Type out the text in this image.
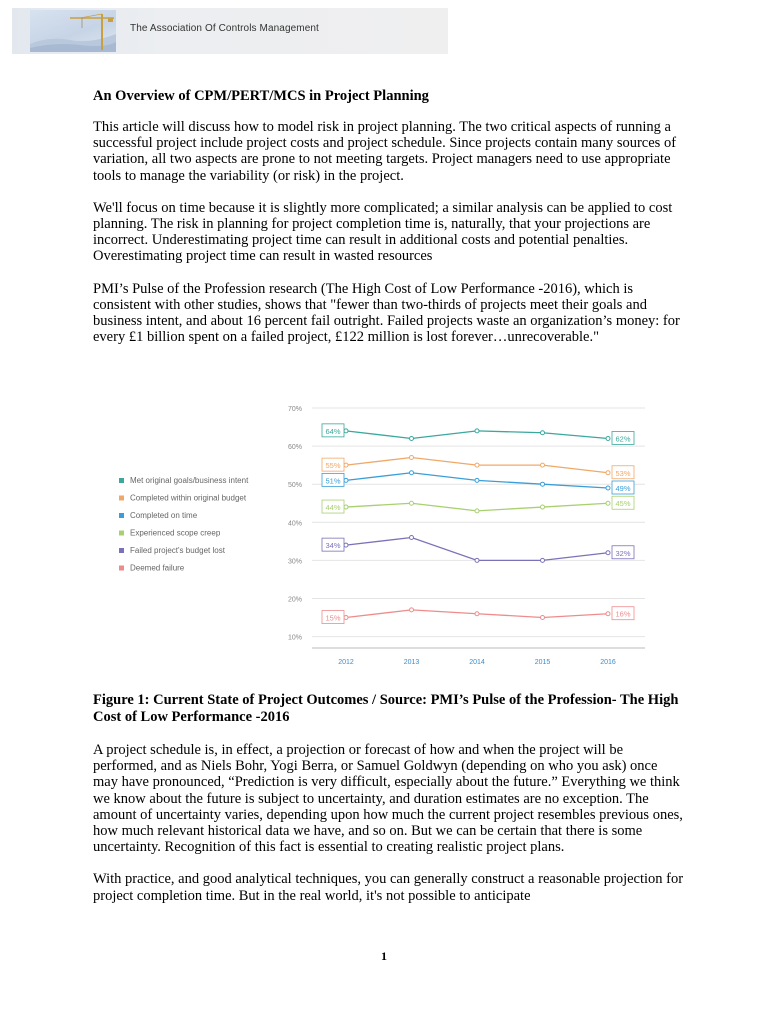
The Association Of Controls Management
An Overview of CPM/PERT/MCS in Project Planning

This article will discuss how to model risk in project planning. The two critical aspects of running a successful project include project costs and project schedule. Since projects contain many sources of variation, all two aspects are prone to not meeting targets. Project managers need to use appropriate tools to manage the variability (or risk) in the project.

We'll focus on time because it is slightly more complicated; a similar analysis can be applied to cost planning. The risk in planning for project completion time is, naturally, that your projections are incorrect. Underestimating project time can result in additional costs and potential penalties. Overestimating project time can result in wasted resources

PMI’s Pulse of the Profession research (The High Cost of Low Performance -2016), which is consistent with other studies, shows that "fewer than two-thirds of projects meet their goals and business intent, and about 16 percent fail outright. Failed projects waste an organization’s money: for every £1 billion spent on a failed project, £122 million is lost forever…unrecoverable."

70%
60%
50%
40%
30%
20%
10%
2012	2013	2014	2015	2016
Met original goals/business intent
Completed within original budget
Completed on time
Experienced scope creep
Failed project's budget lost
Deemed failure
64%
62%
55%
53%
51%
49%
44%	45%
34%
32%
15%	16%
Figure 1: Current State of Project Outcomes / Source: PMI’s Pulse of the Profession- The High Cost of Low Performance -2016

A project schedule is, in effect, a projection or forecast of how and when the project will be performed, and as Niels Bohr, Yogi Berra, or Samuel Goldwyn (depending on who you ask) once may have pronounced, “Prediction is very difficult, especially about the future.” Everything we think we know about the future is subject to uncertainty, and duration estimates are no exception. The amount of uncertainty varies, depending upon how much the current project resembles previous ones, how much relevant historical data we have, and so on. But we can be certain that there is some uncertainty. Recognition of this fact is essential to creating realistic project plans.

With practice, and good analytical techniques, you can generally construct a reasonable projection for project completion time. But in the real world, it's not possible to anticipate

1
